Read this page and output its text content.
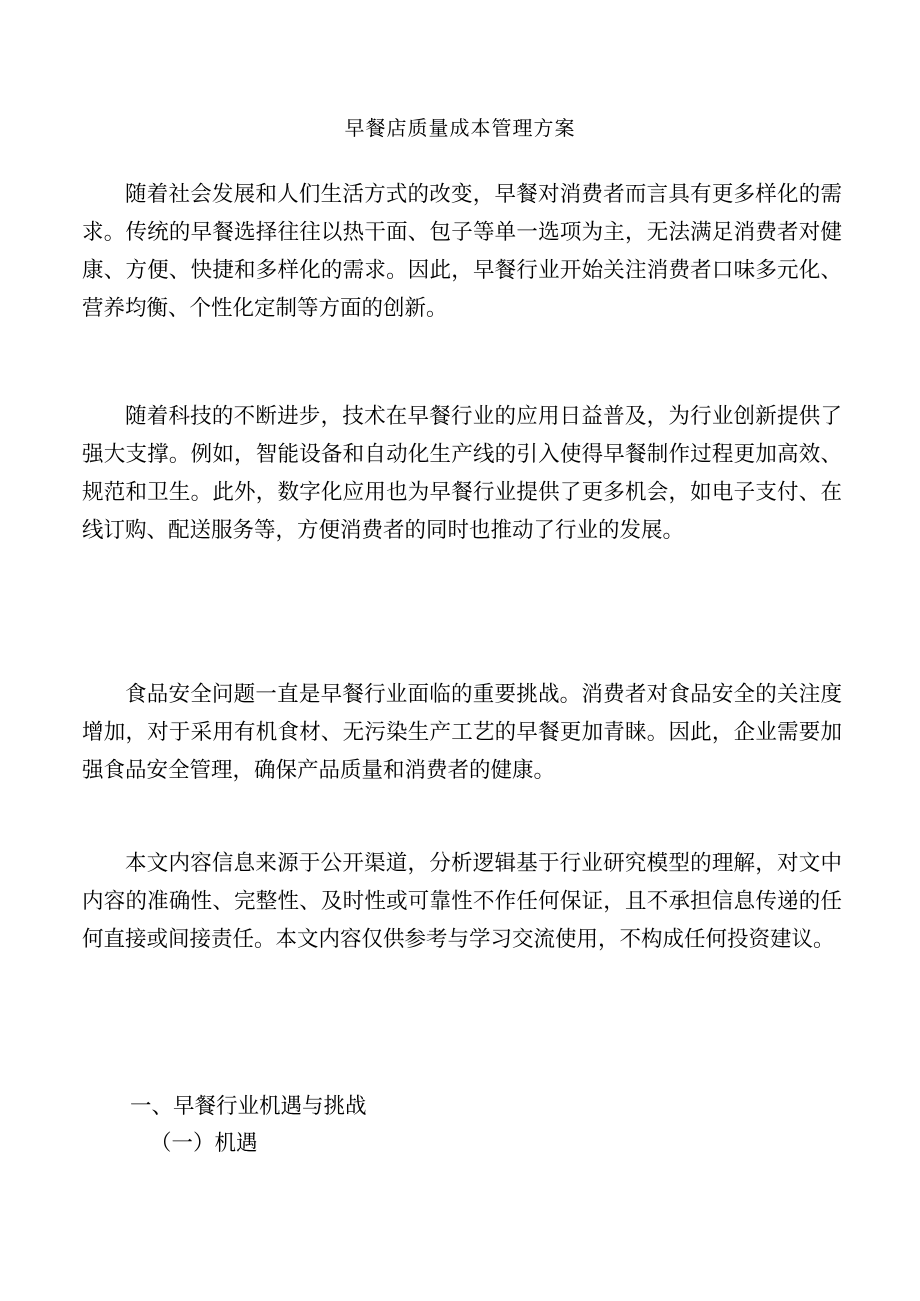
早餐店质量成本管理方案

随着社会发展和人们生活方式的改变，早餐对消费者而言具有更多样化的需求。传统的早餐选择往往以热干面、包子等单一选项为主，无法满足消费者对健康、方便、快捷和多样化的需求。因此，早餐行业开始关注消费者口味多元化、营养均衡、个性化定制等方面的创新。

随着科技的不断进步，技术在早餐行业的应用日益普及，为行业创新提供了强大支撑。例如，智能设备和自动化生产线的引入使得早餐制作过程更加高效、规范和卫生。此外，数字化应用也为早餐行业提供了更多机会，如电子支付、在线订购、配送服务等，方便消费者的同时也推动了行业的发展。

食品安全问题一直是早餐行业面临的重要挑战。消费者对食品安全的关注度增加，对于采用有机食材、无污染生产工艺的早餐更加青睐。因此，企业需要加强食品安全管理，确保产品质量和消费者的健康。

本文内容信息来源于公开渠道，分析逻辑基于行业研究模型的理解，对文中内容的准确性、完整性、及时性或可靠性不作任何保证，且不承担信息传递的任何直接或间接责任。本文内容仅供参考与学习交流使用，不构成任何投资建议。

一、早餐行业机遇与挑战
（一）机遇
